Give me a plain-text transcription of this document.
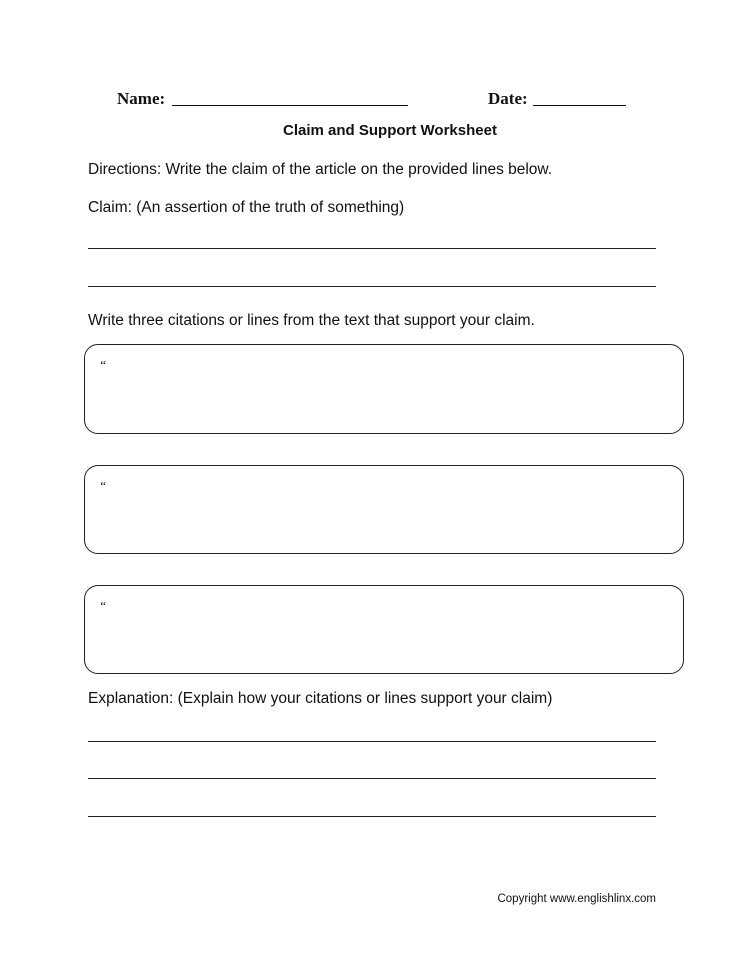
Name:	Date:
Claim and Support Worksheet
Directions: Write the claim of the article on the provided lines below.
Claim: (An assertion of the truth of something)
Write three citations or lines from the text that support your claim.
“
“
“
Explanation: (Explain how your citations or lines support your claim)
Copyright www.englishlinx.com
